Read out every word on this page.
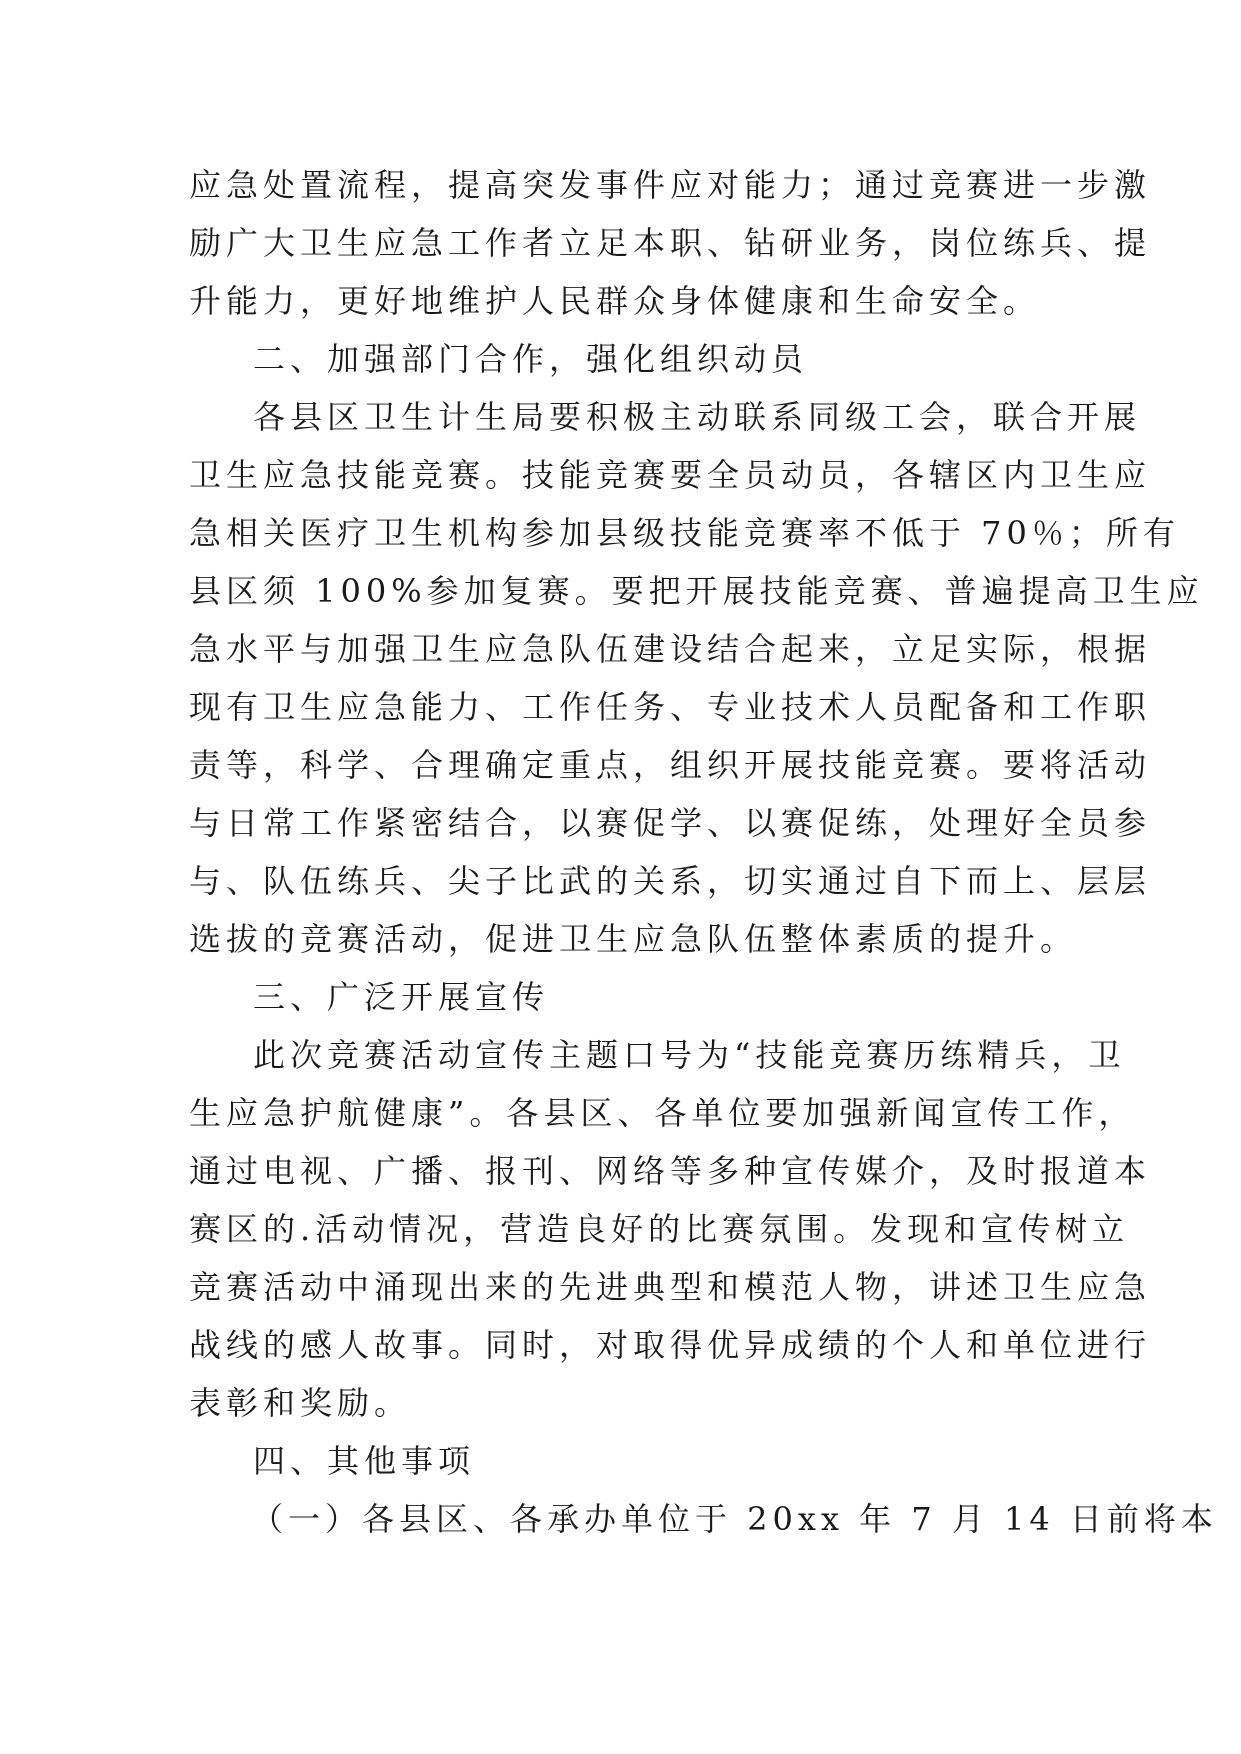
应急处置流程，提高突发事件应对能力；通过竞赛进一步激
励广大卫生应急工作者立足本职、钻研业务，岗位练兵、提
升能力，更好地维护人民群众身体健康和生命安全。
二、加强部门合作，强化组织动员
各县区卫生计生局要积极主动联系同级工会，联合开展
卫生应急技能竞赛。技能竞赛要全员动员，各辖区内卫生应
急相关医疗卫生机构参加县级技能竞赛率不低于 70％；所有
县区须 100%参加复赛。要把开展技能竞赛、普遍提高卫生应
急水平与加强卫生应急队伍建设结合起来，立足实际，根据
现有卫生应急能力、工作任务、专业技术人员配备和工作职
责等，科学、合理确定重点，组织开展技能竞赛。要将活动
与日常工作紧密结合，以赛促学、以赛促练，处理好全员参
与、队伍练兵、尖子比武的关系，切实通过自下而上、层层
选拔的竞赛活动，促进卫生应急队伍整体素质的提升。
三、广泛开展宣传
此次竞赛活动宣传主题口号为“技能竞赛历练精兵，卫
生应急护航健康”。各县区、各单位要加强新闻宣传工作，
通过电视、广播、报刊、网络等多种宣传媒介，及时报道本
赛区的.活动情况，营造良好的比赛氛围。发现和宣传树立
竞赛活动中涌现出来的先进典型和模范人物，讲述卫生应急
战线的感人故事。同时，对取得优异成绩的个人和单位进行
表彰和奖励。
四、其他事项
（一）各县区、各承办单位于 20xx 年 7 月 14 日前将本
